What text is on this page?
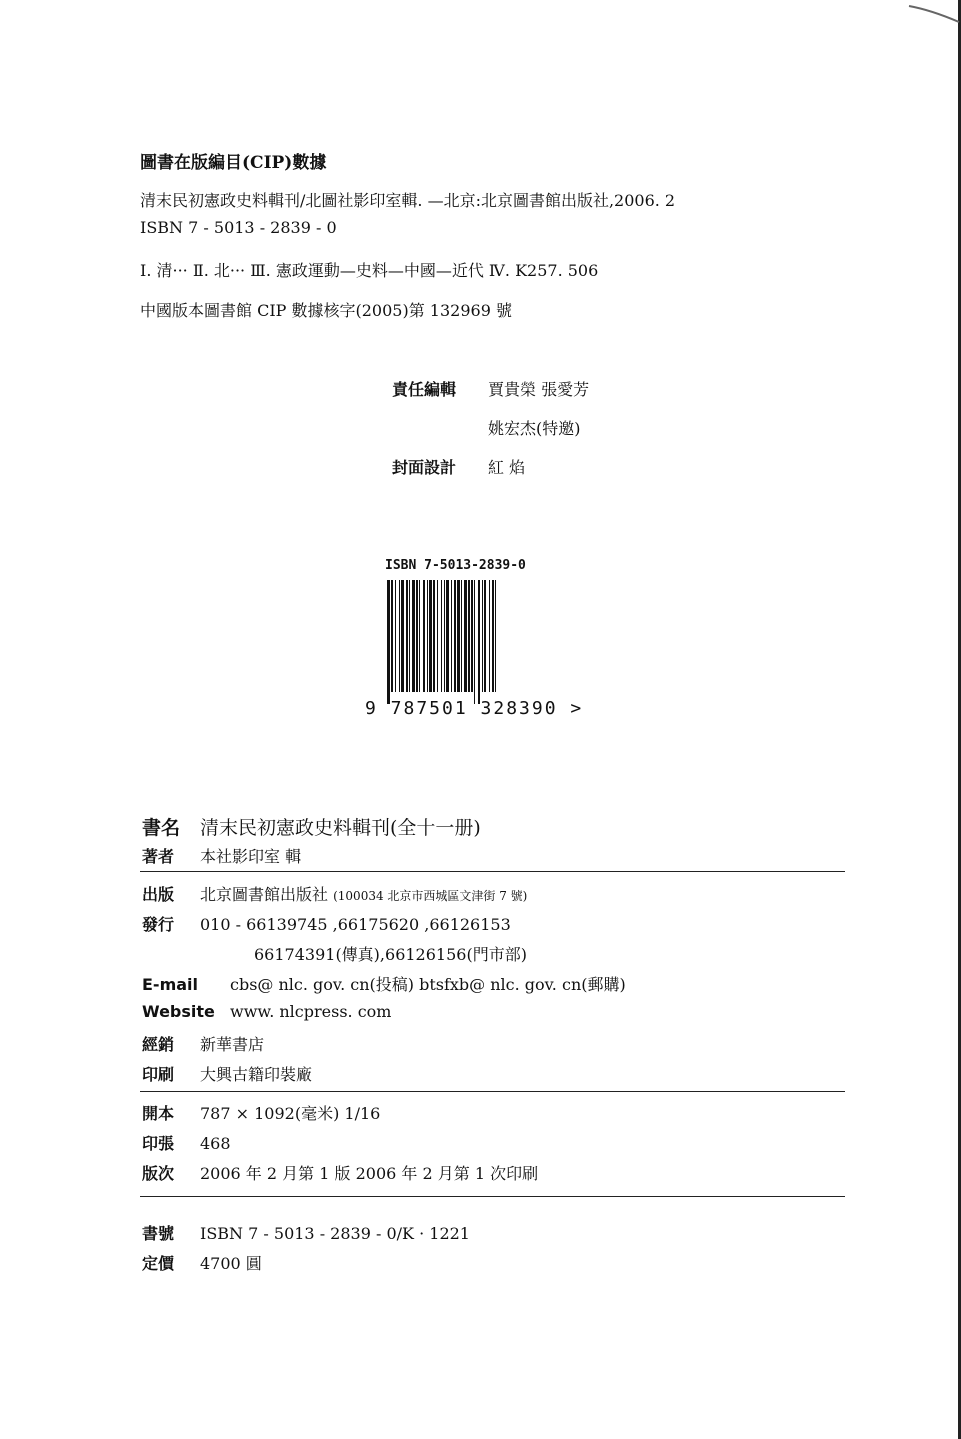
圖書在版編目(CIP)數據
清末民初憲政史料輯刊/北圖社影印室輯. —北京:北京圖書館出版社,2006. 2
ISBN 7 - 5013 - 2839 - 0
Ⅰ. 清··· Ⅱ. 北··· Ⅲ. 憲政運動—史料—中國—近代 Ⅳ. K257. 506
中國版本圖書館 CIP 數據核字(2005)第 132969 號
責任編輯 賈貴榮 張愛芳
姚宏杰(特邀)
封面設計 紅 焰
ISBN 7-5013-2839-0
9 787501 328390 >
書名 清末民初憲政史料輯刊(全十一册)
著者 本社影印室 輯
出版 北京圖書館出版社 (100034 北京市西城區文津街 7 號)
發行 010 - 66139745 ,66175620 ,66126153
66174391(傳真),66126156(門市部)
E-mail cbs@ nlc. gov. cn(投稿) btsfxb@ nlc. gov. cn(郵購)
Website www. nlcpress. com
經銷 新華書店
印刷 大興古籍印裝廠
開本 787 × 1092(毫米) 1/16
印張 468
版次 2006 年 2 月第 1 版 2006 年 2 月第 1 次印刷
書號 ISBN 7 - 5013 - 2839 - 0/K · 1221
定價 4700 圓
